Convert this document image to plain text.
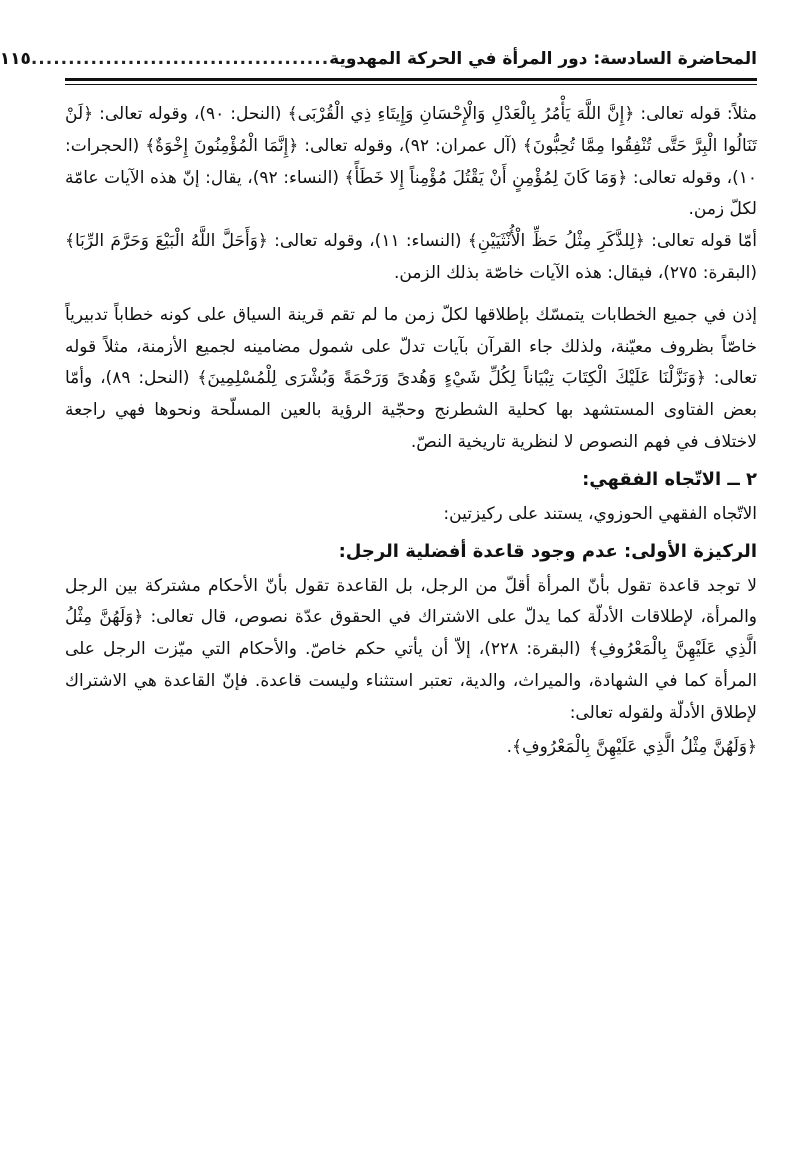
المحاضرة السادسة: دور المرأة في الحركة المهدوية
........................................
١١٥

مثلاً: قوله تعالى: ﴿إِنَّ اللَّهَ يَأْمُرُ بِالْعَدْلِ وَالْإِحْسَانِ وَإِيتَاءِ ذِي الْقُرْبَى﴾ (النحل: ٩٠)، وقوله تعالى: ﴿لَنْ تَنَالُوا الْبِرَّ حَتَّى تُنْفِقُوا مِمَّا تُحِبُّونَ﴾ (آل عمران: ٩٢)، وقوله تعالى: ﴿إِنَّمَا الْمُؤْمِنُونَ إِخْوَةٌ﴾ (الحجرات: ١٠)، وقوله تعالى: ﴿وَمَا كَانَ لِمُؤْمِنٍ أَنْ يَقْتُلَ مُؤْمِناً إِلا خَطَأً﴾ (النساء: ٩٢)، يقال: إنّ هذه الآيات عامّة لكلّ زمن.

أمّا قوله تعالى: ﴿لِلذَّكَرِ مِثْلُ حَظِّ الْأُنْثَيَيْنِ﴾ (النساء: ١١)، وقوله تعالى: ﴿وَأَحَلَّ اللَّهُ الْبَيْعَ وَحَرَّمَ الرِّبَا﴾ (البقرة: ٢٧٥)، فيقال: هذه الآيات خاصّة بذلك الزمن.

إذن في جميع الخطابات يتمسّك بإطلاقها لكلّ زمن ما لم تقم قرينة السياق على كونه خطاباً تدبيرياً خاصّاً بظروف معيّنة، ولذلك جاء القرآن بآيات تدلّ على شمول مضامينه لجميع الأزمنة، مثلاً قوله تعالى: ﴿وَنَزَّلْنَا عَلَيْكَ الْكِتَابَ تِبْيَاناً لِكُلِّ شَيْءٍ وَهُدىً وَرَحْمَةً وَبُشْرَى لِلْمُسْلِمِينَ﴾ (النحل: ٨٩)، وأمّا بعض الفتاوى المستشهد بها كحلية الشطرنج وحجّية الرؤية بالعين المسلّحة ونحوها فهي راجعة لاختلاف في فهم النصوص لا لنظرية تاريخية النصّ.

٢ ــ الاتّجاه الفقهي:

الاتّجاه الفقهي الحوزوي، يستند على ركيزتين:

الركيزة الأولى: عدم وجود قاعدة أفضلية الرجل:

لا توجد قاعدة تقول بأنّ المرأة أقلّ من الرجل، بل القاعدة تقول بأنّ الأحكام مشتركة بين الرجل والمرأة، لإطلاقات الأدلّة كما يدلّ على الاشتراك في الحقوق عدّة نصوص، قال تعالى: ﴿وَلَهُنَّ مِثْلُ الَّذِي عَلَيْهِنَّ بِالْمَعْرُوفِ﴾ (البقرة: ٢٢٨)، إلاّ أن يأتي حكم خاصّ. والأحكام التي ميّزت الرجل على المرأة كما في الشهادة، والميراث، والدية، تعتبر استثناء وليست قاعدة. فإنّ القاعدة هي الاشتراك لإطلاق الأدلّة ولقوله تعالى:

﴿وَلَهُنَّ مِثْلُ الَّذِي عَلَيْهِنَّ بِالْمَعْرُوفِ﴾.
